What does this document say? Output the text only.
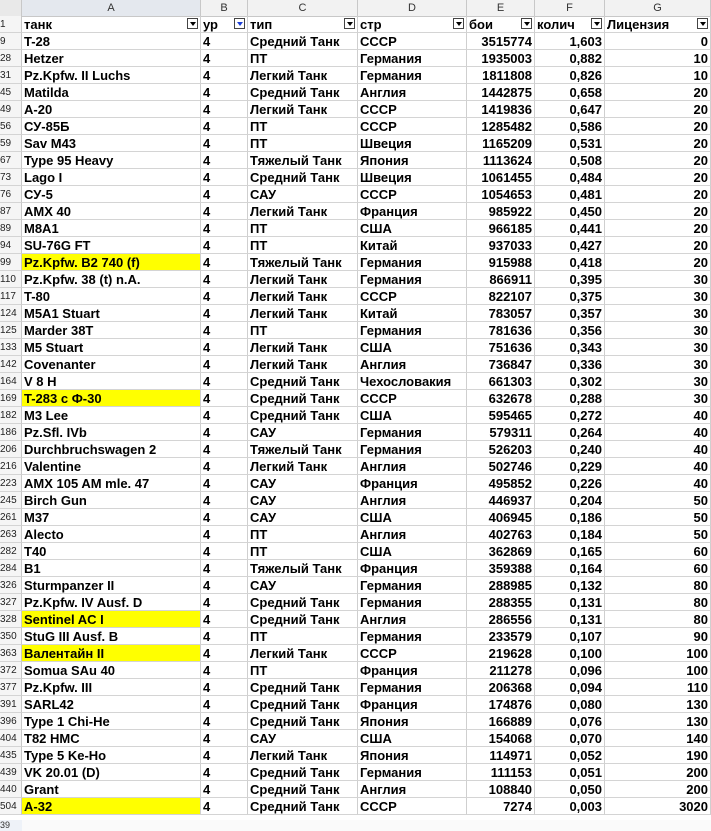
A	B	C	D	E	F	G
1	танк	ур	тип	стр	бои	колич	Лицензия
9	T-28	4	Средний Танк	СССР	3515774	1,603	0
28 Hetzer	4	ПТ	Германия	1935003	0,882	10
31 Pz.Kpfw. II Luchs	4	Легкий Танк	Германия	1811808	0,826	10
45 Matilda	4	Средний Танк	Англия	1442875	0,658	20
49 A-20	4	Легкий Танк	СССР	1419836	0,647	20
56 СУ-85Б	4	ПТ	СССР	1285482	0,586	20
59 Sav M43	4	ПТ	Швеция	1165209	0,531	20
67 Type 95 Heavy	4	Тяжелый Танк	Япония	1113624	0,508	20
73 Lago I	4	Средний Танк	Швеция	1061455	0,484	20
76 СУ-5	4	САУ	СССР	1054653	0,481	20
87 AMX 40	4	Легкий Танк	Франция	985922	0,450	20
89 M8A1	4	ПТ	США	966185	0,441	20
94 SU-76G FT	4	ПТ	Китай	937033	0,427	20
99 Pz.Kpfw. B2 740 (f)	4	Тяжелый Танк	Германия	915988	0,418	20
110 Pz.Kpfw. 38 (t) n.A.	4	Легкий Танк	Германия	866911	0,395	30
117 T-80	4	Легкий Танк	СССР	822107	0,375	30
124 M5A1 Stuart	4	Легкий Танк	Китай	783057	0,357	30
125 Marder 38T	4	ПТ	Германия	781636	0,356	30
133 M5 Stuart	4	Легкий Танк	США	751636	0,343	30
142 Covenanter	4	Легкий Танк	Англия	736847	0,336	30
164 V 8 H	4	Средний Танк	Чехословакия	661303	0,302	30
169 T-283 с Ф-30	4	Средний Танк	СССР	632678	0,288	30
182 M3 Lee	4	Средний Танк	США	595465	0,272	40
186 Pz.Sfl. IVb	4	САУ	Германия	579311	0,264	40
206 Durchbruchswagen 2	4	Тяжелый Танк	Германия	526203	0,240	40
216 Valentine	4	Легкий Танк	Англия	502746	0,229	40
223 AMX 105 AM mle. 47	4	САУ	Франция	495852	0,226	40
245 Birch Gun	4	САУ	Англия	446937	0,204	50
261 M37	4	САУ	США	406945	0,186	50
263 Alecto	4	ПТ	Англия	402763	0,184	50
282 T40	4	ПТ	США	362869	0,165	60
284 B1	4	Тяжелый Танк	Франция	359388	0,164	60
326 Sturmpanzer II	4	САУ	Германия	288985	0,132	80
327 Pz.Kpfw. IV Ausf. D	4	Средний Танк	Германия	288355	0,131	80
328 Sentinel AC I	4	Средний Танк	Англия	286556	0,131	80
350 StuG III Ausf. B	4	ПТ	Германия	233579	0,107	90
363 Валентайн II	4	Легкий Танк	СССР	219628	0,100	100
372 Somua SAu 40	4	ПТ	Франция	211278	0,096	100
377 Pz.Kpfw. III	4	Средний Танк	Германия	206368	0,094	110
391 SARL42	4	Средний Танк	Франция	174876	0,080	130
396 Type 1 Chi-He	4	Средний Танк	Япония	166889	0,076	130
404 T82 HMC	4	САУ	США	154068	0,070	140
435 Type 5 Ke-Ho	4	Легкий Танк	Япония	114971	0,052	190
439 VK 20.01 (D)	4	Средний Танк	Германия	111153	0,051	200
440 Grant	4	Средний Танк	Англия	108840	0,050	200
504 A-32	4	Средний Танк	СССР	7274	0,003	3020
39
